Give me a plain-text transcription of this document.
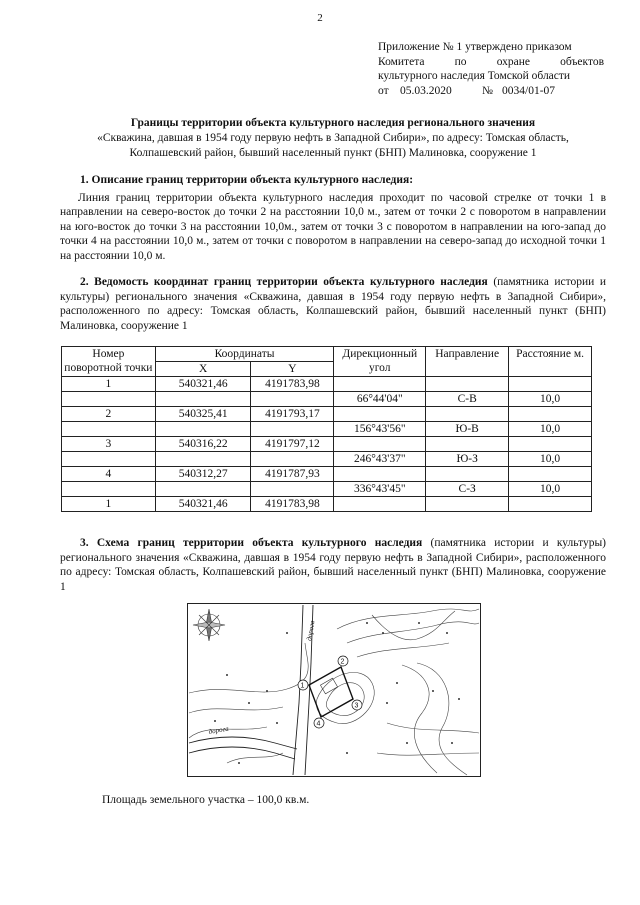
2
Приложение № 1 утверждено приказом
Комитета	по	охране	объектов
культурного наследия Томской области
от 05.03.2020	№ 0034/01-07
Границы территории объекта культурного наследия регионального значения
«Скважина, давшая в 1954 году первую нефть в Западной Сибири», по адресу: Томская область, Колпашевский район, бывший населенный пункт (БНП) Малиновка, сооружение 1
1. Описание границ территории объекта культурного наследия:

Линия границ территории объекта культурного наследия проходит по часовой стрелке от точки 1 в направлении на северо-восток до точки 2 на расстоянии 10,0 м., затем от точки 2 с поворотом в направлении на юго-восток до точки 3 на расстоянии 10,0м., затем от точки 3 с поворотом в направлении на юго-запад до точки 4 на расстоянии 10,0 м., затем от точки с поворотом в направлении на северо-запад до исходной точки 1 на расстоянии 10,0 м.

2. Ведомость координат границ территории объекта культурного наследия (памятника истории и культуры) регионального значения «Скважина, давшая в 1954 году первую нефть в Западной Сибири», расположенного по адресу: Томская область, Колпашевский район, бывший населенный пункт (БНП) Малиновка, сооружение 1
Номер поворотной точки	Координаты		Дирекционный угол	Направление	Расстояние м.
	X	Y			
1	540321,46	4191783,98			
			66°44'04"	С-В	10,0
2	540325,41	4191793,17			
			156°43'56"	Ю-В	10,0
3	540316,22	4191797,12			
			246°43'37"	Ю-З	10,0
4	540312,27	4191787,93			
			336°43'45"	С-З	10,0
1	540321,46	4191783,98			
3. Схема границ территории объекта культурного наследия (памятника истории и культуры) регионального значения «Скважина, давшая в 1954 году первую нефть в Западной Сибири», расположенного по адресу: Томская область, Колпашевский район, бывший населенный пункт (БНП) Малиновка, сооружение 1
дорога
дорога
1
2
3
4
Площадь земельного участка – 100,0 кв.м.
